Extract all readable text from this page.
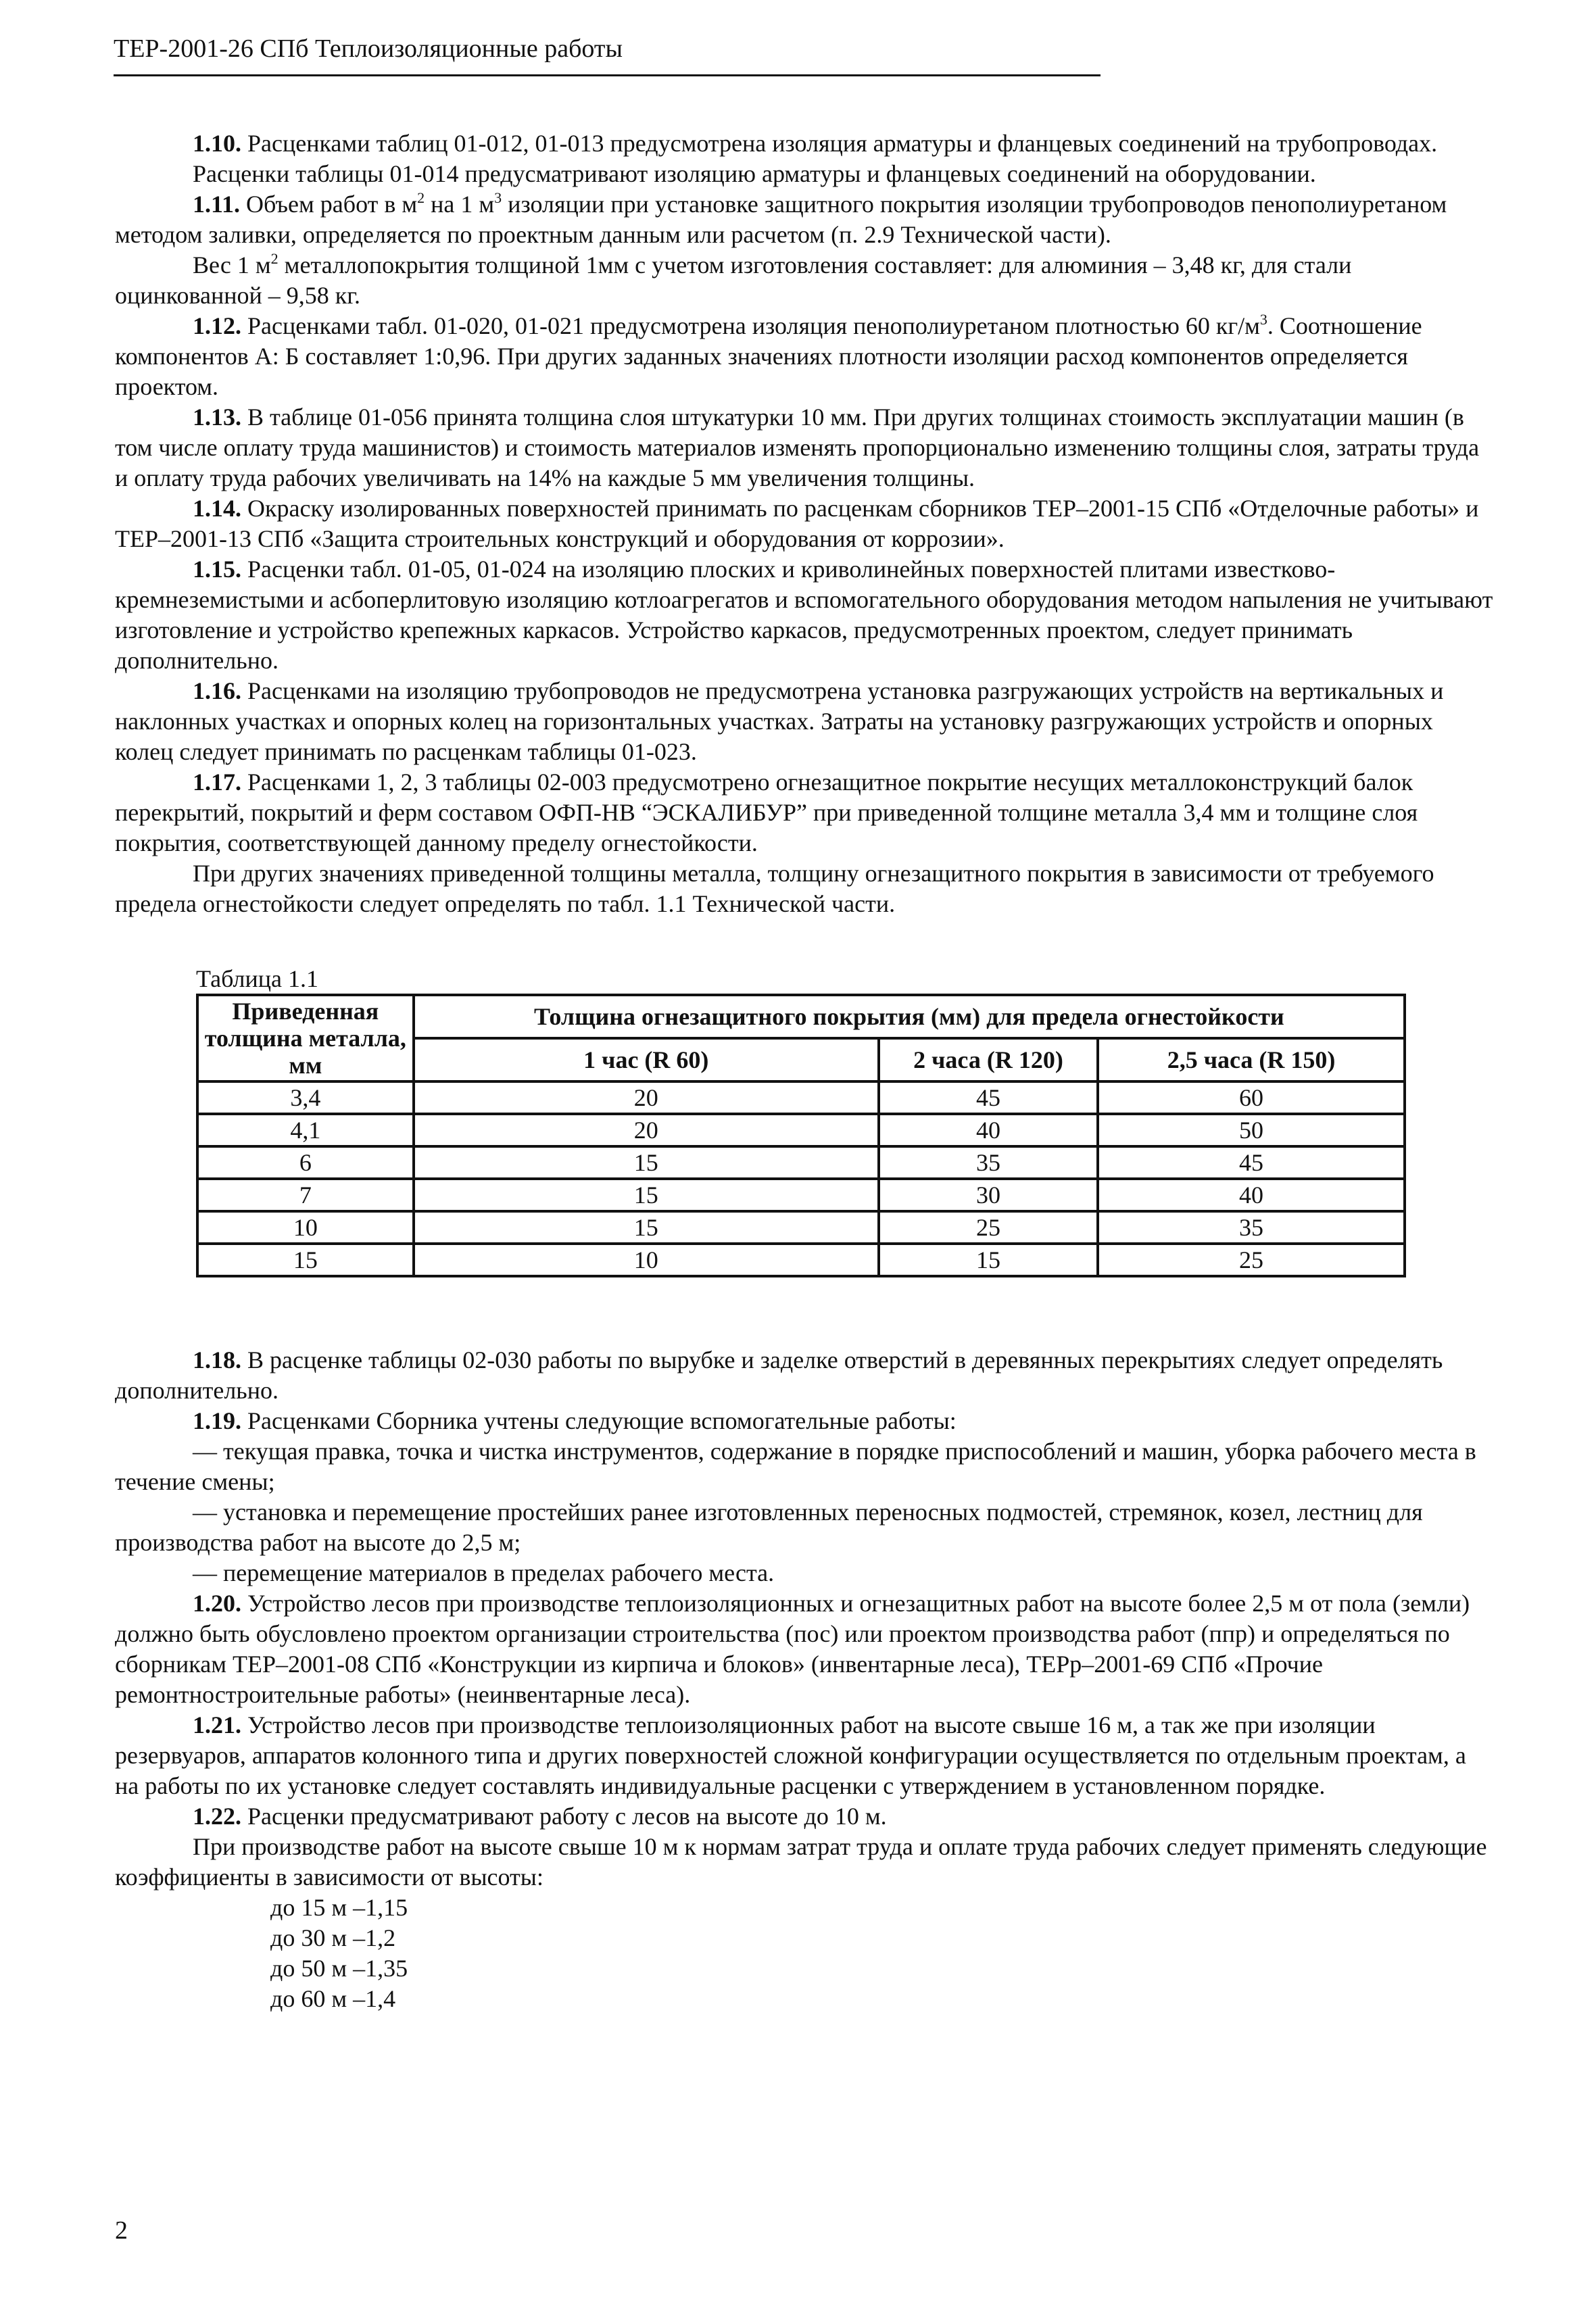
ТЕР-2001-26 СПб Теплоизоляционные работы

1.10. Расценками таблиц 01-012, 01-013 предусмотрена изоляция арматуры и фланцевых соединений на трубопроводах.

Расценки таблицы 01-014 предусматривают изоляцию арматуры и фланцевых соединений на оборудовании.

1.11. Объем работ в $м^2$ на 1 $м^3$ изоляции при установке защитного покрытия изоляции трубопроводов пенополиуретаном методом заливки, определяется по проектным данным или расчетом (п. 2.9 Технической части).

Вес 1 $м^2$ металлопокрытия толщиной 1мм с учетом изготовления составляет: для алюминия – 3,48 кг, для стали оцинкованной – 9,58 кг.

1.12. Расценками табл. 01-020, 01-021 предусмотрена изоляция пенополиуретаном плотностью 60 $кг/м^3$. Соотношение компонентов А: Б составляет 1:0,96. При других заданных значениях плотности изоляции расход компонентов определяется проектом.

1.13. В таблице 01-056 принята толщина слоя штукатурки 10 мм. При других толщинах стоимость эксплуатации машин (в том числе оплату труда машинистов) и стоимость материалов изменять пропорционально изменению толщины слоя, затраты труда и оплату труда рабочих увеличивать на 14% на каждые 5 мм увеличения толщины.

1.14. Окраску изолированных поверхностей принимать по расценкам сборников ТЕР–2001-15 СПб «Отделочные работы» и ТЕР–2001-13 СПб «Защита строительных конструкций и оборудования от коррозии».

1.15. Расценки табл. 01-05, 01-024 на изоляцию плоских и криволинейных поверхностей плитами известково-кремнеземистыми и асбоперлитовую изоляцию котлоагрегатов и вспомогательного оборудования методом напыления не учитывают изготовление и устройство крепежных каркасов. Устройство каркасов, предусмотренных проектом, следует принимать дополнительно.

1.16. Расценками на изоляцию трубопроводов не предусмотрена установка разгружающих устройств на вертикальных и наклонных участках и опорных колец на горизонтальных участках. Затраты на установку разгружающих устройств и опорных колец следует принимать по расценкам таблицы 01-023.

1.17. Расценками 1, 2, 3 таблицы 02-003 предусмотрено огнезащитное покрытие несущих металлоконструкций балок перекрытий, покрытий и ферм составом ОФП-НВ “ЭСКАЛИБУР” при приведенной толщине металла 3,4 мм и толщине слоя покрытия, соответствующей данному пределу огнестойкости.

При других значениях приведенной толщины металла, толщину огнезащитного покрытия в зависимости от требуемого предела огнестойкости следует определять по табл. 1.1 Технической части.

Таблица 1.1
Приведенная толщина металла, мм	Толщина огнезащитного покрытия (мм) для предела огнестойкости		
	1 час (R 60)	2 часа (R 120)	2,5 часа (R 150)
3,4	20	45	60
4,1	20	40	50
6	15	35	45
7	15	30	40
10	15	25	35
15	10	15	25

1.18. В расценке таблицы 02-030 работы по вырубке и заделке отверстий в деревянных перекрытиях следует определять дополнительно.

1.19. Расценками Сборника учтены следующие вспомогательные работы:

— текущая правка, точка и чистка инструментов, содержание в порядке приспособлений и машин, уборка рабочего места в течение смены;

— установка и перемещение простейших ранее изготовленных переносных подмостей, стремянок, козел, лестниц для производства работ на высоте до 2,5 м;

— перемещение материалов в пределах рабочего места.

1.20. Устройство лесов при производстве теплоизоляционных и огнезащитных работ на высоте более 2,5 м от пола (земли) должно быть обусловлено проектом организации строительства (пос) или проектом производства работ (ппр) и определяться по сборникам ТЕР–2001-08 СПб «Конструкции из кирпича и блоков» (инвентарные леса), ТЕРр–2001-69 СПб «Прочие ремонтностроительные работы» (неинвентарные леса).

1.21. Устройство лесов при производстве теплоизоляционных работ на высоте свыше 16 м, а так же при изоляции резервуаров, аппаратов колонного типа и других поверхностей сложной конфигурации осуществляется по отдельным проектам, а на работы по их установке следует составлять индивидуальные расценки с утверждением в установленном порядке.

1.22. Расценки предусматривают работу с лесов на высоте до 10 м.

При производстве работ на высоте свыше 10 м к нормам затрат труда и оплате труда рабочих следует применять следующие коэффициенты в зависимости от высоты:

до 15 м –1,15

до 30 м –1,2

до 50 м –1,35

до 60 м –1,4

2
